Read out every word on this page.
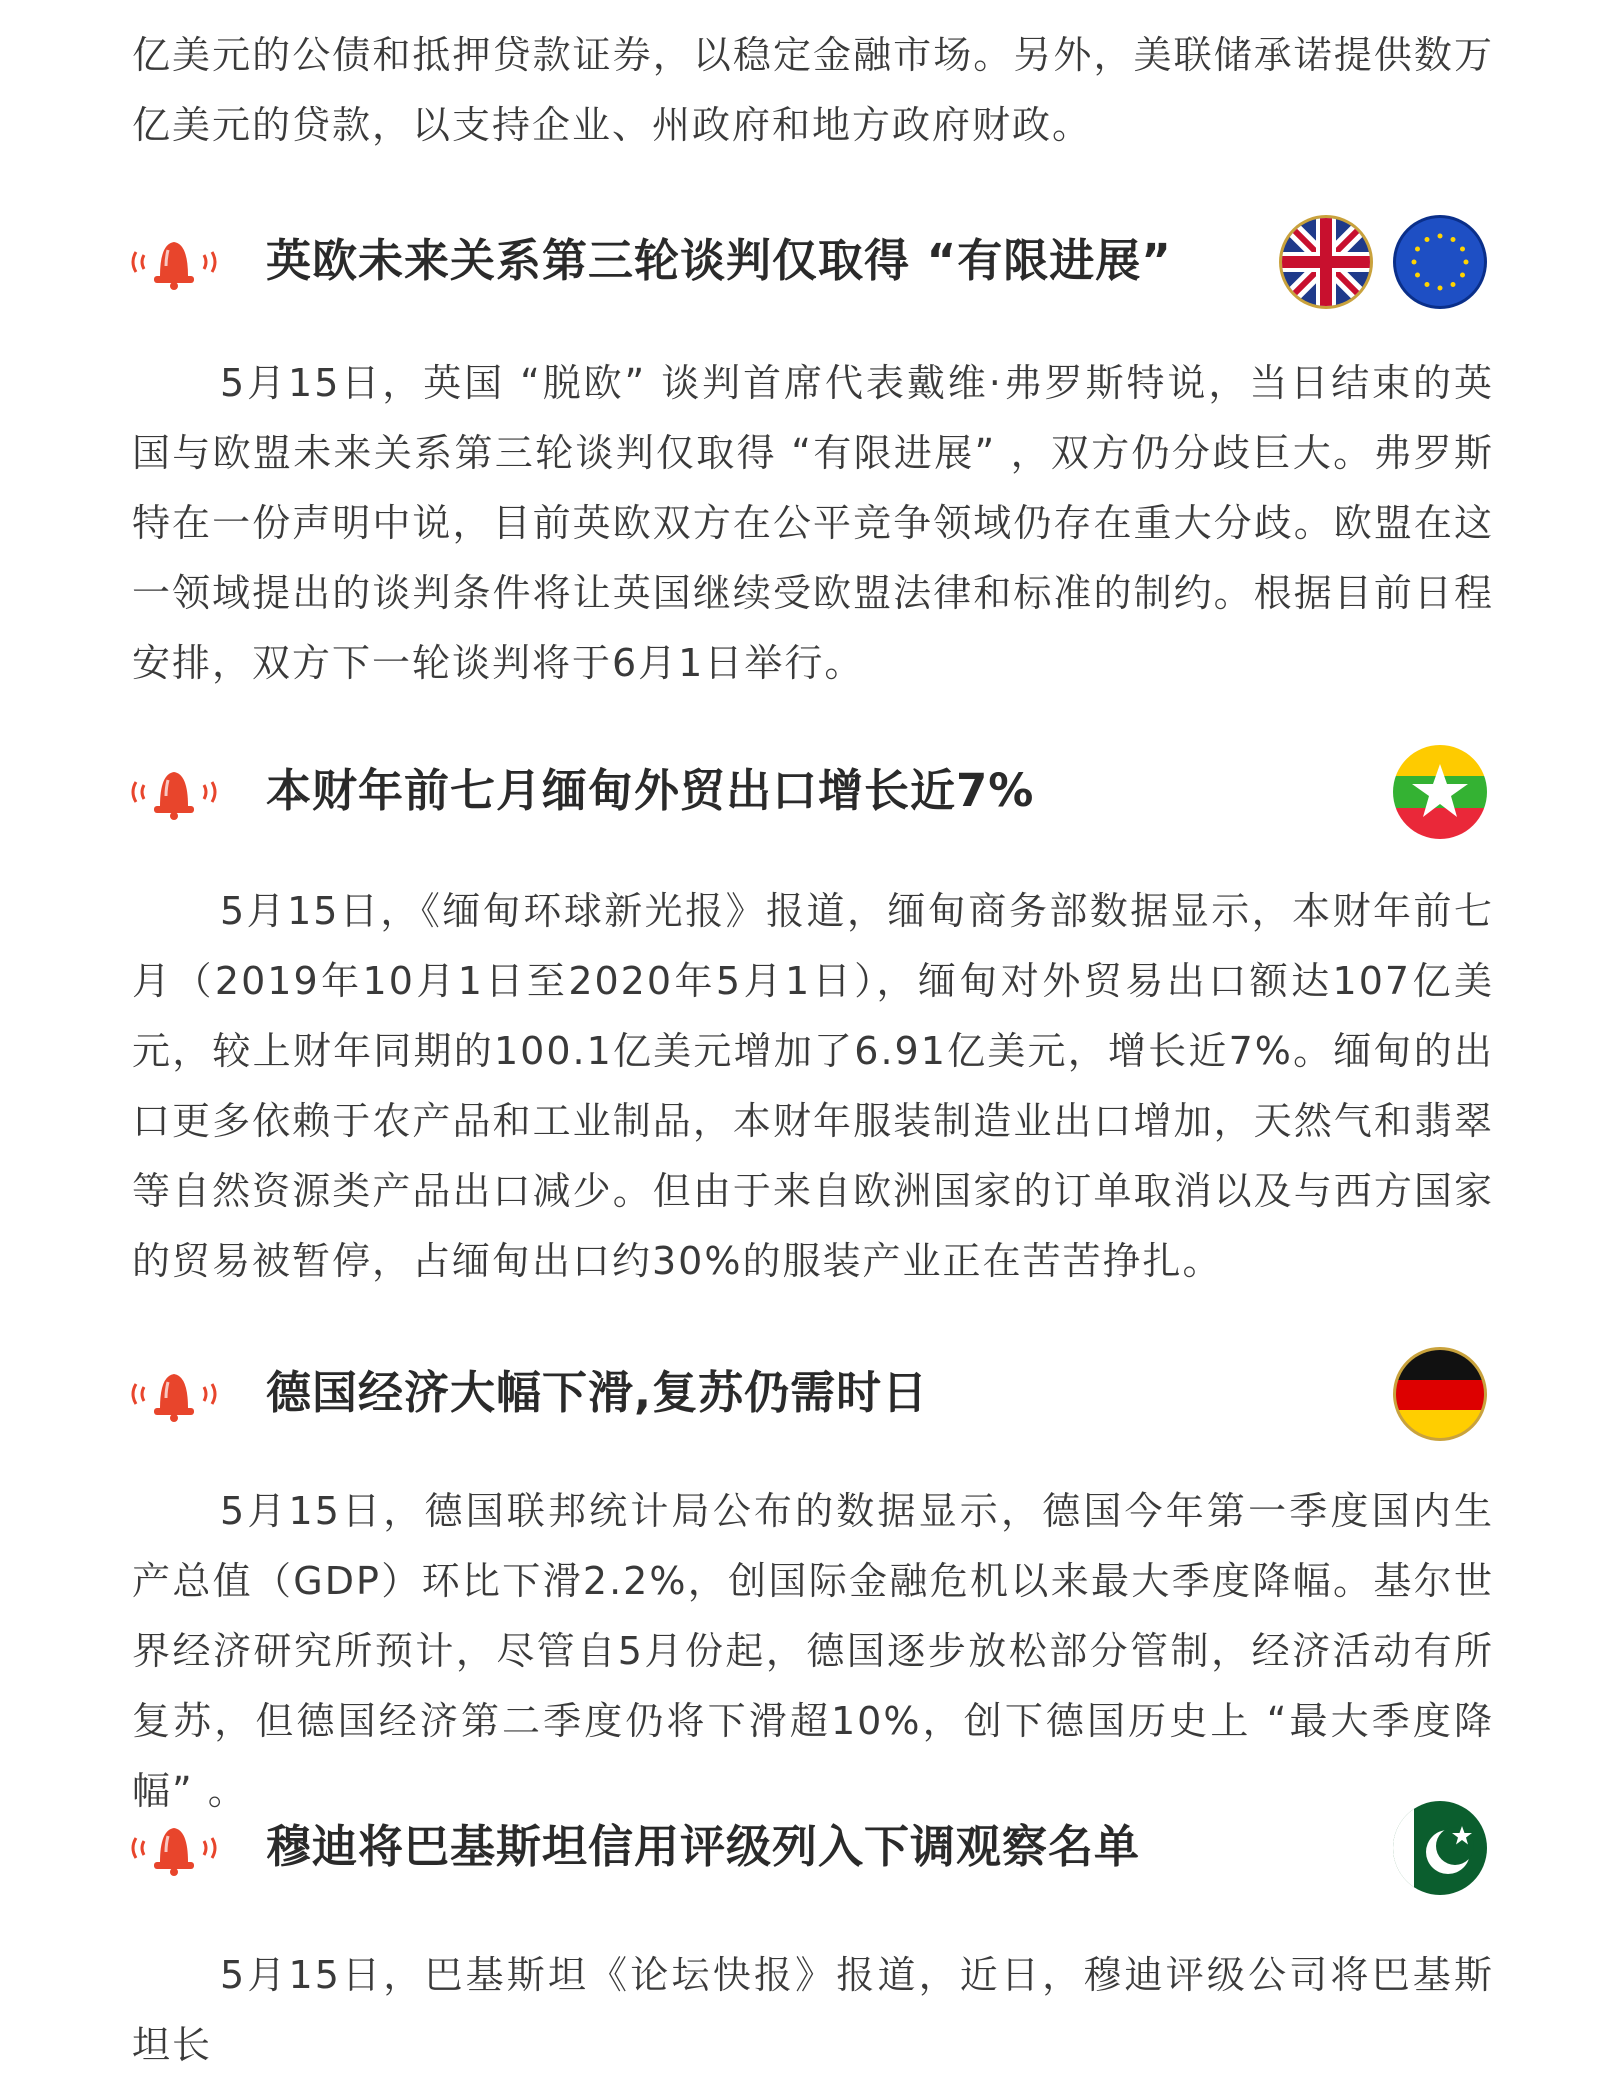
亿美元的公债和抵押贷款证券，以稳定金融市场。另外，美联储承诺提供数万亿美元的贷款，以支持企业、州政府和地方政府财政。

英欧未来关系第三轮谈判仅取得 “有限进展”

5月15日，英国 “脱欧” 谈判首席代表戴维·弗罗斯特说，当日结束的英国与欧盟未来关系第三轮谈判仅取得 “有限进展” ，双方仍分歧巨大。弗罗斯特在一份声明中说，目前英欧双方在公平竞争领域仍存在重大分歧。欧盟在这一领域提出的谈判条件将让英国继续受欧盟法律和标准的制约。根据目前日程安排，双方下一轮谈判将于6月1日举行。

本财年前七月缅甸外贸出口增长近7%

5月15日，《缅甸环球新光报》报道，缅甸商务部数据显示，本财年前七月（2019年10月1日至2020年5月1日），缅甸对外贸易出口额达107亿美元，较上财年同期的100.1亿美元增加了6.91亿美元，增长近7%。缅甸的出口更多依赖于农产品和工业制品，本财年服装制造业出口增加，天然气和翡翠等自然资源类产品出口减少。但由于来自欧洲国家的订单取消以及与西方国家的贸易被暂停，占缅甸出口约30%的服装产业正在苦苦挣扎。

德国经济大幅下滑,复苏仍需时日

5月15日，德国联邦统计局公布的数据显示，德国今年第一季度国内生产总值（GDP）环比下滑2.2%，创国际金融危机以来最大季度降幅。基尔世界经济研究所预计，尽管自5月份起，德国逐步放松部分管制，经济活动有所复苏，但德国经济第二季度仍将下滑超10%，创下德国历史上 “最大季度降幅” 。

穆迪将巴基斯坦信用评级列入下调观察名单

5月15日，巴基斯坦《论坛快报》报道，近日，穆迪评级公司将巴基斯坦长
